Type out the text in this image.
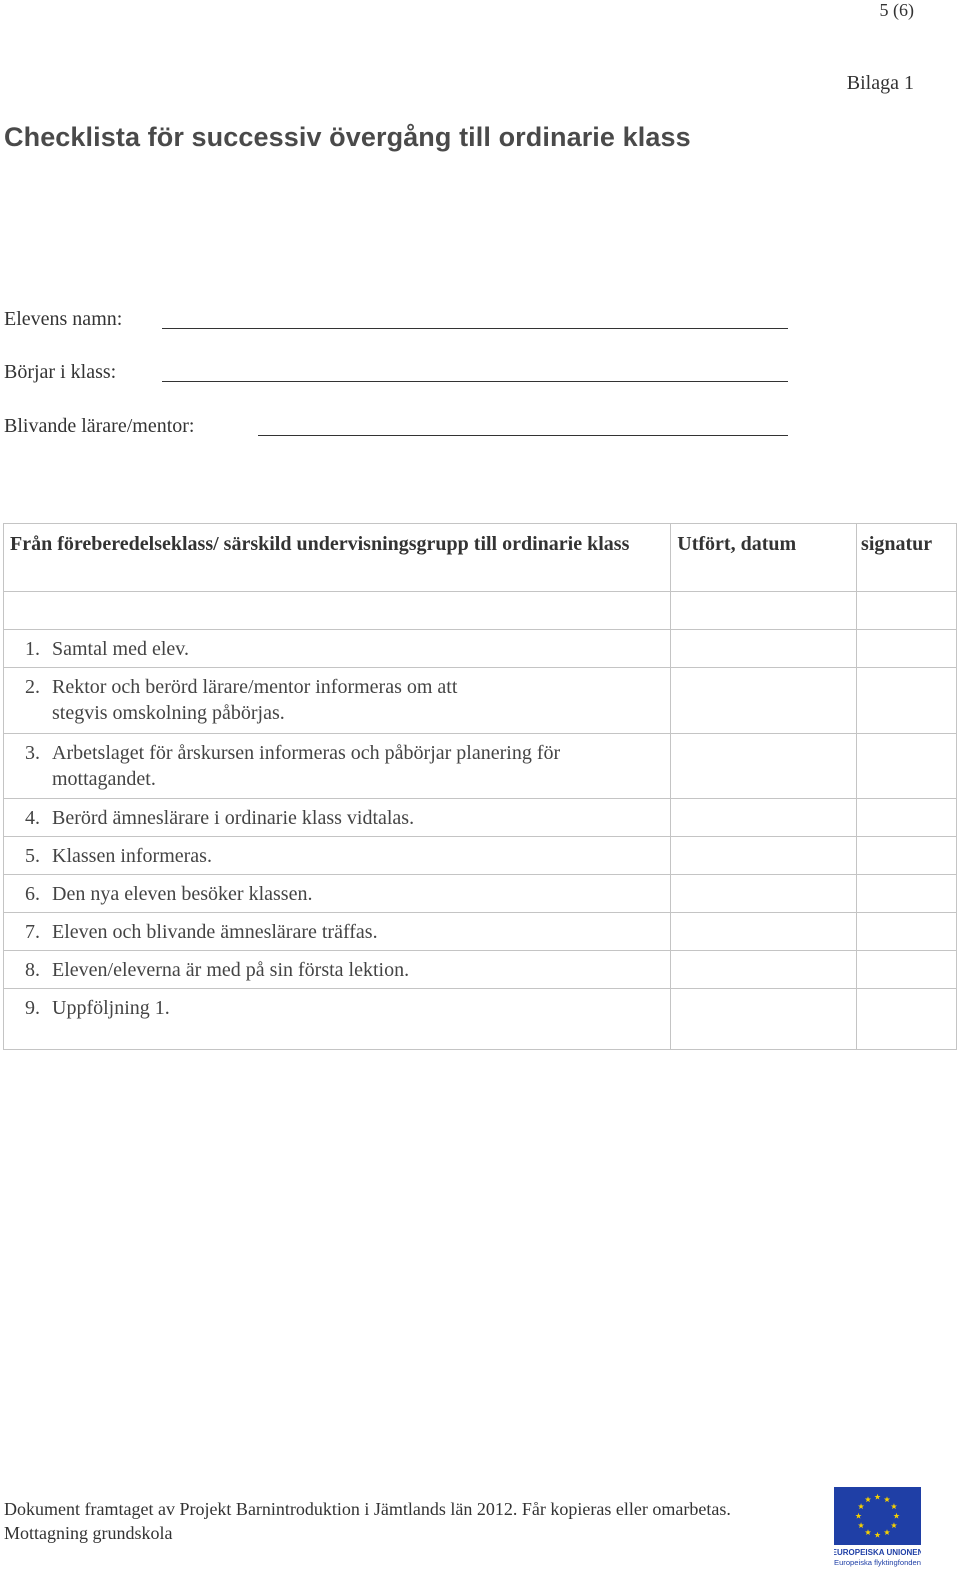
5 (6)
Bilaga 1
Checklista för successiv övergång till ordinarie klass
Elevens namn:
Börjar i klass:
Blivande lärare/mentor:
Från föreberedelseklass/ särskild undervisningsgrupp till ordinarie klass	Utfört, datum	signatur

1. Samtal med elev.		

2. Rektor och berörd lärare/mentor informeras om att stegvis omskolning påbörjas.		

3. Arbetslaget för årskursen informeras och påbörjar planering för mottagandet.		

4. Berörd ämneslärare i ordinarie klass vidtalas.		

5. Klassen informeras.		

6. Den nya eleven besöker klassen.		

7. Eleven och blivande ämneslärare träffas.		

8. Eleven/eleverna är med på sin första lektion.		

9. Uppföljning 1.		

Dokument framtaget av Projekt Barnintroduktion i Jämtlands län 2012. Får kopieras eller omarbetas.
Mottagning grundskola
EUROPEISKA UNIONEN
Europeiska flyktingfonden
